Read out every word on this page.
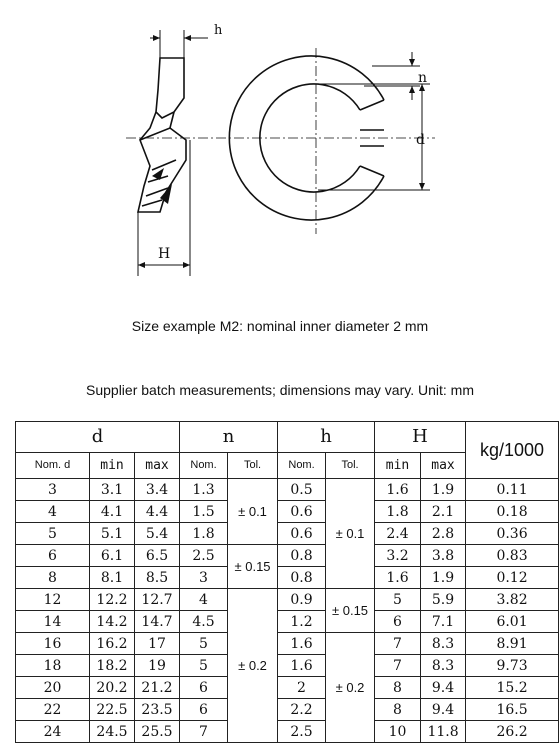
h
H
n
d
Size example M2: nominal inner diameter 2 mm
Supplier batch measurements; dimensions may vary. Unit: mm
d			n		h		H		kg/1000
Nom. d	min	max	Nom.	Tol.	Nom.	Tol.	min	max	
3	3.1	3.4	1.3	± 0.1	0.5	± 0.1	1.6	1.9	0.11
4	4.1	4.4	1.5		0.6		1.8	2.1	0.18
5	5.1	5.4	1.8		0.6		2.4	2.8	0.36
6	6.1	6.5	2.5	± 0.15	0.8		3.2	3.8	0.83
8	8.1	8.5	3		0.8		1.6	1.9	0.12
12	12.2	12.7	4	± 0.2	0.9	± 0.15	5	5.9	3.82
14	14.2	14.7	4.5		1.2		6	7.1	6.01
16	16.2	17	5		1.6	± 0.2	7	8.3	8.91
18	18.2	19	5		1.6		7	8.3	9.73
20	20.2	21.2	6		2		8	9.4	15.2
22	22.5	23.5	6		2.2		8	9.4	16.5
24	24.5	25.5	7		2.5		10	11.8	26.2
